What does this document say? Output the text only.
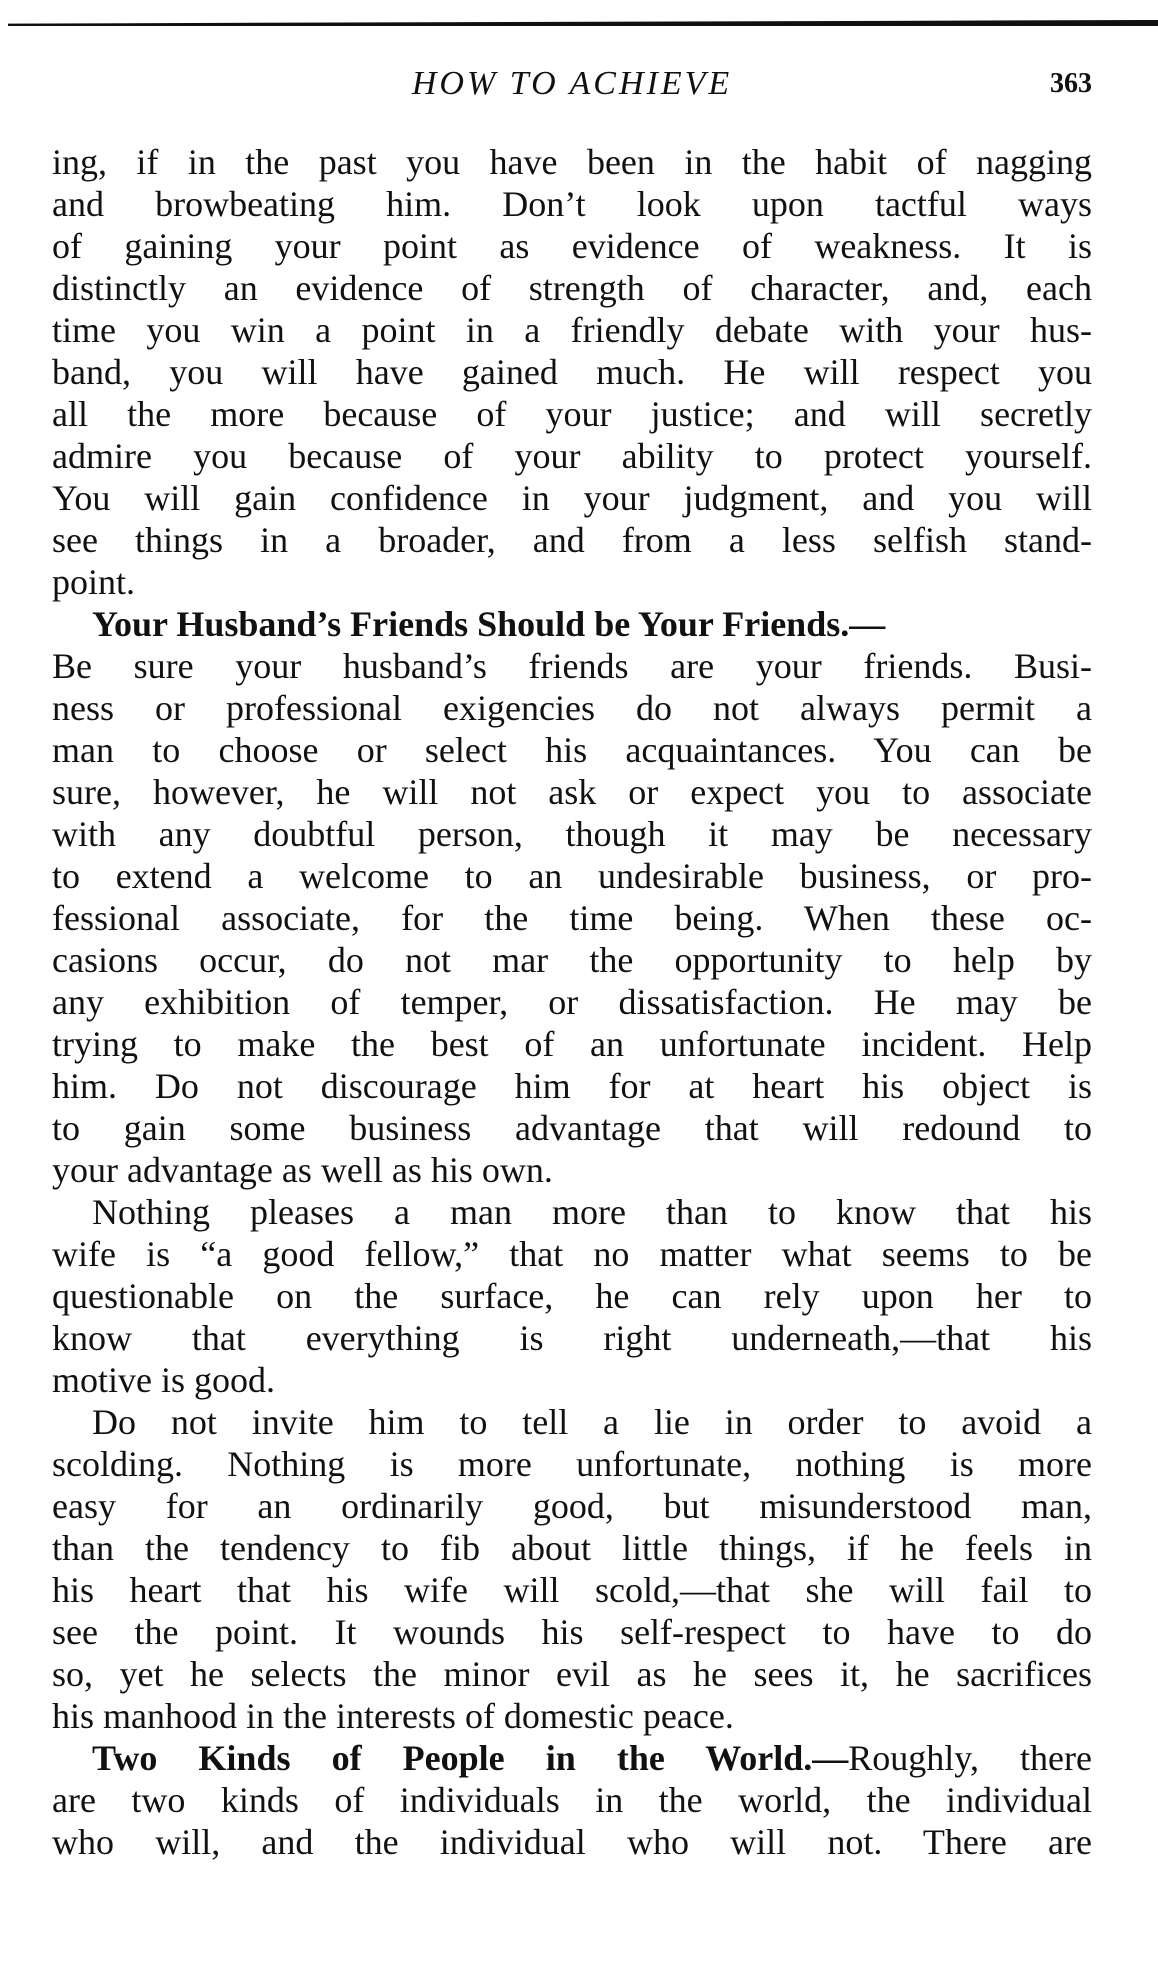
HOW TO ACHIEVE	363
ing, if in the past you have been in the habit of nagging
and browbeating him. Don’t look upon tactful ways
of gaining your point as evidence of weakness. It is
distinctly an evidence of strength of character, and, each
time you win a point in a friendly debate with your hus-
band, you will have gained much. He will respect you
all the more because of your justice; and will secretly
admire you because of your ability to protect yourself.
You will gain confidence in your judgment, and you will
see things in a broader, and from a less selfish stand-
point.
Your Husband’s Friends Should be Your Friends.—
Be sure your husband’s friends are your friends. Busi-
ness or professional exigencies do not always permit a
man to choose or select his acquaintances. You can be
sure, however, he will not ask or expect you to associate
with any doubtful person, though it may be necessary
to extend a welcome to an undesirable business, or pro-
fessional associate, for the time being. When these oc-
casions occur, do not mar the opportunity to help by
any exhibition of temper, or dissatisfaction. He may be
trying to make the best of an unfortunate incident. Help
him. Do not discourage him for at heart his object is
to gain some business advantage that will redound to
your advantage as well as his own.
Nothing pleases a man more than to know that his
wife is “a good fellow,” that no matter what seems to be
questionable on the surface, he can rely upon her to
know that everything is right underneath,—that his
motive is good.
Do not invite him to tell a lie in order to avoid a
scolding. Nothing is more unfortunate, nothing is more
easy for an ordinarily good, but misunderstood man,
than the tendency to fib about little things, if he feels in
his heart that his wife will scold,—that she will fail to
see the point. It wounds his self-respect to have to do
so, yet he selects the minor evil as he sees it, he sacrifices
his manhood in the interests of domestic peace.
Two Kinds of People in the World.—Roughly, there
are two kinds of individuals in the world, the individual
who will, and the individual who will not. There are
